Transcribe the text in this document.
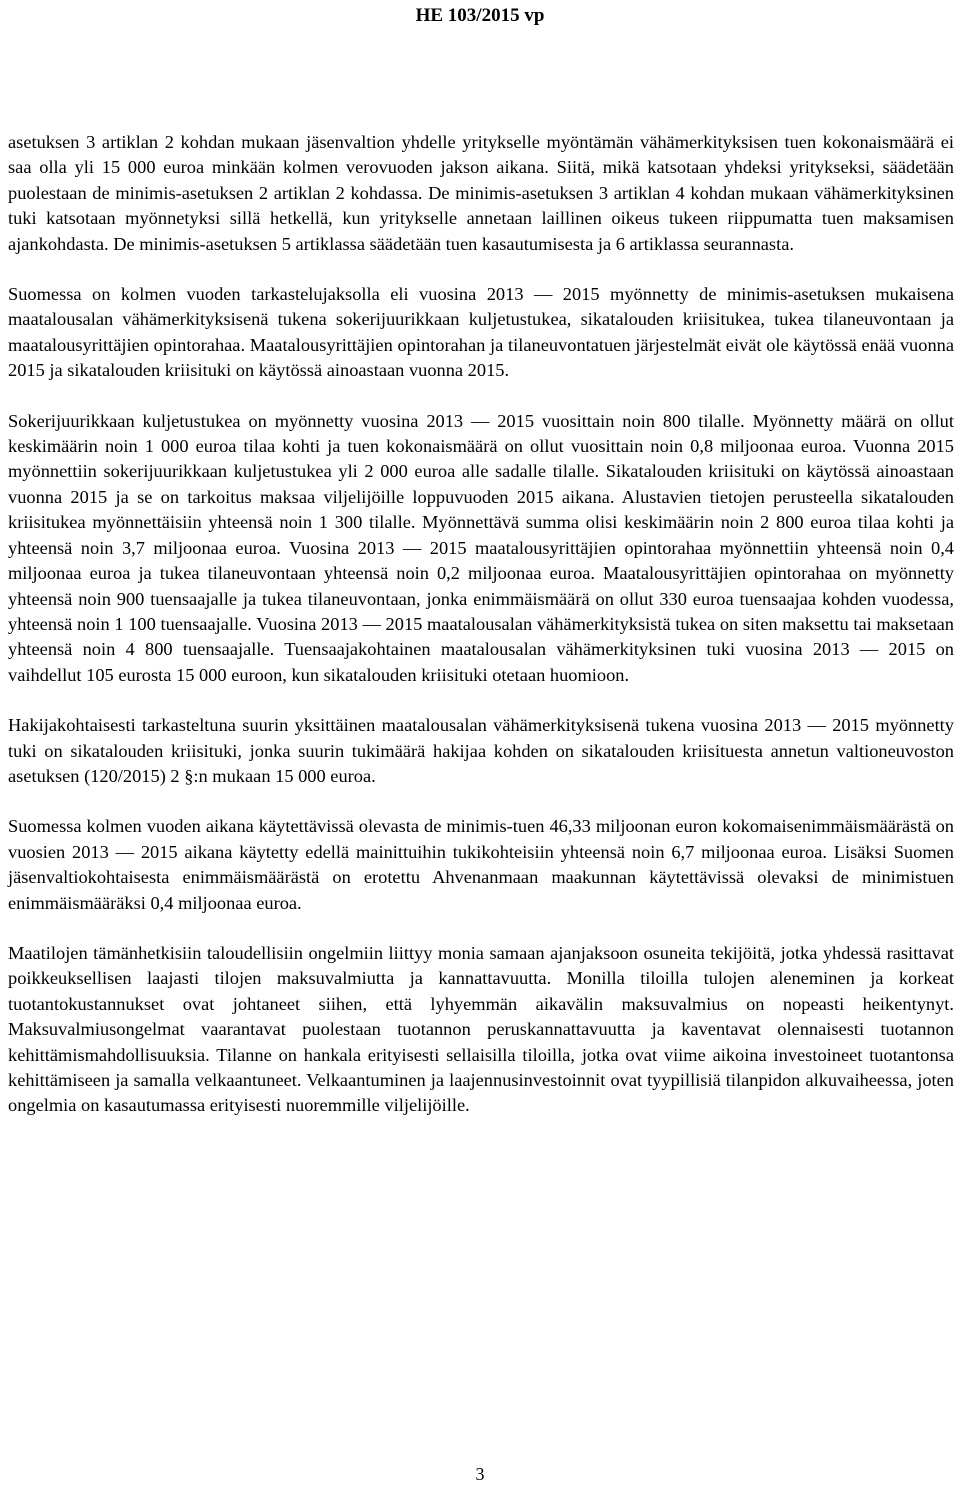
HE 103/2015 vp

asetuksen 3 artiklan 2 kohdan mukaan jäsenvaltion yhdelle yritykselle myöntämän vähämerkityksisen tuen kokonaismäärä ei saa olla yli 15 000 euroa minkään kolmen verovuoden jakson aikana. Siitä, mikä katsotaan yhdeksi yritykseksi, säädetään puolestaan de minimis-asetuksen 2 artiklan 2 kohdassa. De minimis-asetuksen 3 artiklan 4 kohdan mukaan vähämerkityksinen tuki katsotaan myönnetyksi sillä hetkellä, kun yritykselle annetaan laillinen oikeus tukeen riippumatta tuen maksamisen ajankohdasta. De minimis-asetuksen 5 artiklassa säädetään tuen kasautumisesta ja 6 artiklassa seurannasta.

Suomessa on kolmen vuoden tarkastelujaksolla eli vuosina 2013 — 2015 myönnetty de minimis-asetuksen mukaisena maatalousalan vähämerkityksisenä tukena sokerijuurikkaan kuljetustukea, sikatalouden kriisitukea, tukea tilaneuvontaan ja maatalousyrittäjien opintorahaa. Maatalousyrittäjien opintorahan ja tilaneuvontatuen järjestelmät eivät ole käytössä enää vuonna 2015 ja sikatalouden kriisituki on käytössä ainoastaan vuonna 2015.

Sokerijuurikkaan kuljetustukea on myönnetty vuosina 2013 — 2015 vuosittain noin 800 tilalle. Myönnetty määrä on ollut keskimäärin noin 1 000 euroa tilaa kohti ja tuen kokonaismäärä on ollut vuosittain noin 0,8 miljoonaa euroa. Vuonna 2015 myönnettiin sokerijuurikkaan kuljetustukea yli 2 000 euroa alle sadalle tilalle. Sikatalouden kriisituki on käytössä ainoastaan vuonna 2015 ja se on tarkoitus maksaa viljelijöille loppuvuoden 2015 aikana. Alustavien tietojen perusteella sikatalouden kriisitukea myönnettäisiin yhteensä noin 1 300 tilalle. Myönnettävä summa olisi keskimäärin noin 2 800 euroa tilaa kohti ja yhteensä noin 3,7 miljoonaa euroa. Vuosina 2013 — 2015 maatalousyrittäjien opintorahaa myönnettiin yhteensä noin 0,4 miljoonaa euroa ja tukea tilaneuvontaan yhteensä noin 0,2 miljoonaa euroa. Maatalousyrittäjien opintorahaa on myönnetty yhteensä noin 900 tuensaajalle ja tukea tilaneuvontaan, jonka enimmäismäärä on ollut 330 euroa tuensaajaa kohden vuodessa, yhteensä noin 1 100 tuensaajalle. Vuosina 2013 — 2015 maatalousalan vähämerkityksistä tukea on siten maksettu tai maksetaan yhteensä noin 4 800 tuensaajalle. Tuensaajakohtainen maatalousalan vähämerkityksinen tuki vuosina 2013 — 2015 on vaihdellut 105 eurosta 15 000 euroon, kun sikatalouden kriisituki otetaan huomioon.

Hakijakohtaisesti tarkasteltuna suurin yksittäinen maatalousalan vähämerkityksisenä tukena vuosina 2013 — 2015 myönnetty tuki on sikatalouden kriisituki, jonka suurin tukimäärä hakijaa kohden on sikatalouden kriisituesta annetun valtioneuvoston asetuksen (120/2015) 2 §:n mukaan 15 000 euroa.

Suomessa kolmen vuoden aikana käytettävissä olevasta de minimis-tuen 46,33 miljoonan euron kokomaisenimmäismäärästä on vuosien 2013 — 2015 aikana käytetty edellä mainittuihin tukikohteisiin yhteensä noin 6,7 miljoonaa euroa. Lisäksi Suomen jäsenvaltiokohtaisesta enimmäismäärästä on erotettu Ahvenanmaan maakunnan käytettävissä olevaksi de minimistuen enimmäismääräksi 0,4 miljoonaa euroa.

Maatilojen tämänhetkisiin taloudellisiin ongelmiin liittyy monia samaan ajanjaksoon osuneita tekijöitä, jotka yhdessä rasittavat poikkeuksellisen laajasti tilojen maksuvalmiutta ja kannattavuutta. Monilla tiloilla tulojen aleneminen ja korkeat tuotantokustannukset ovat johtaneet siihen, että lyhyemmän aikavälin maksuvalmius on nopeasti heikentynyt. Maksuvalmiusongelmat vaarantavat puolestaan tuotannon peruskannattavuutta ja kaventavat olennaisesti tuotannon kehittämismahdollisuuksia. Tilanne on hankala erityisesti sellaisilla tiloilla, jotka ovat viime aikoina investoineet tuotantonsa kehittämiseen ja samalla velkaantuneet. Velkaantuminen ja laajennusinvestoinnit ovat tyypillisiä tilanpidon alkuvaiheessa, joten ongelmia on kasautumassa erityisesti nuoremmille viljelijöille.

3
